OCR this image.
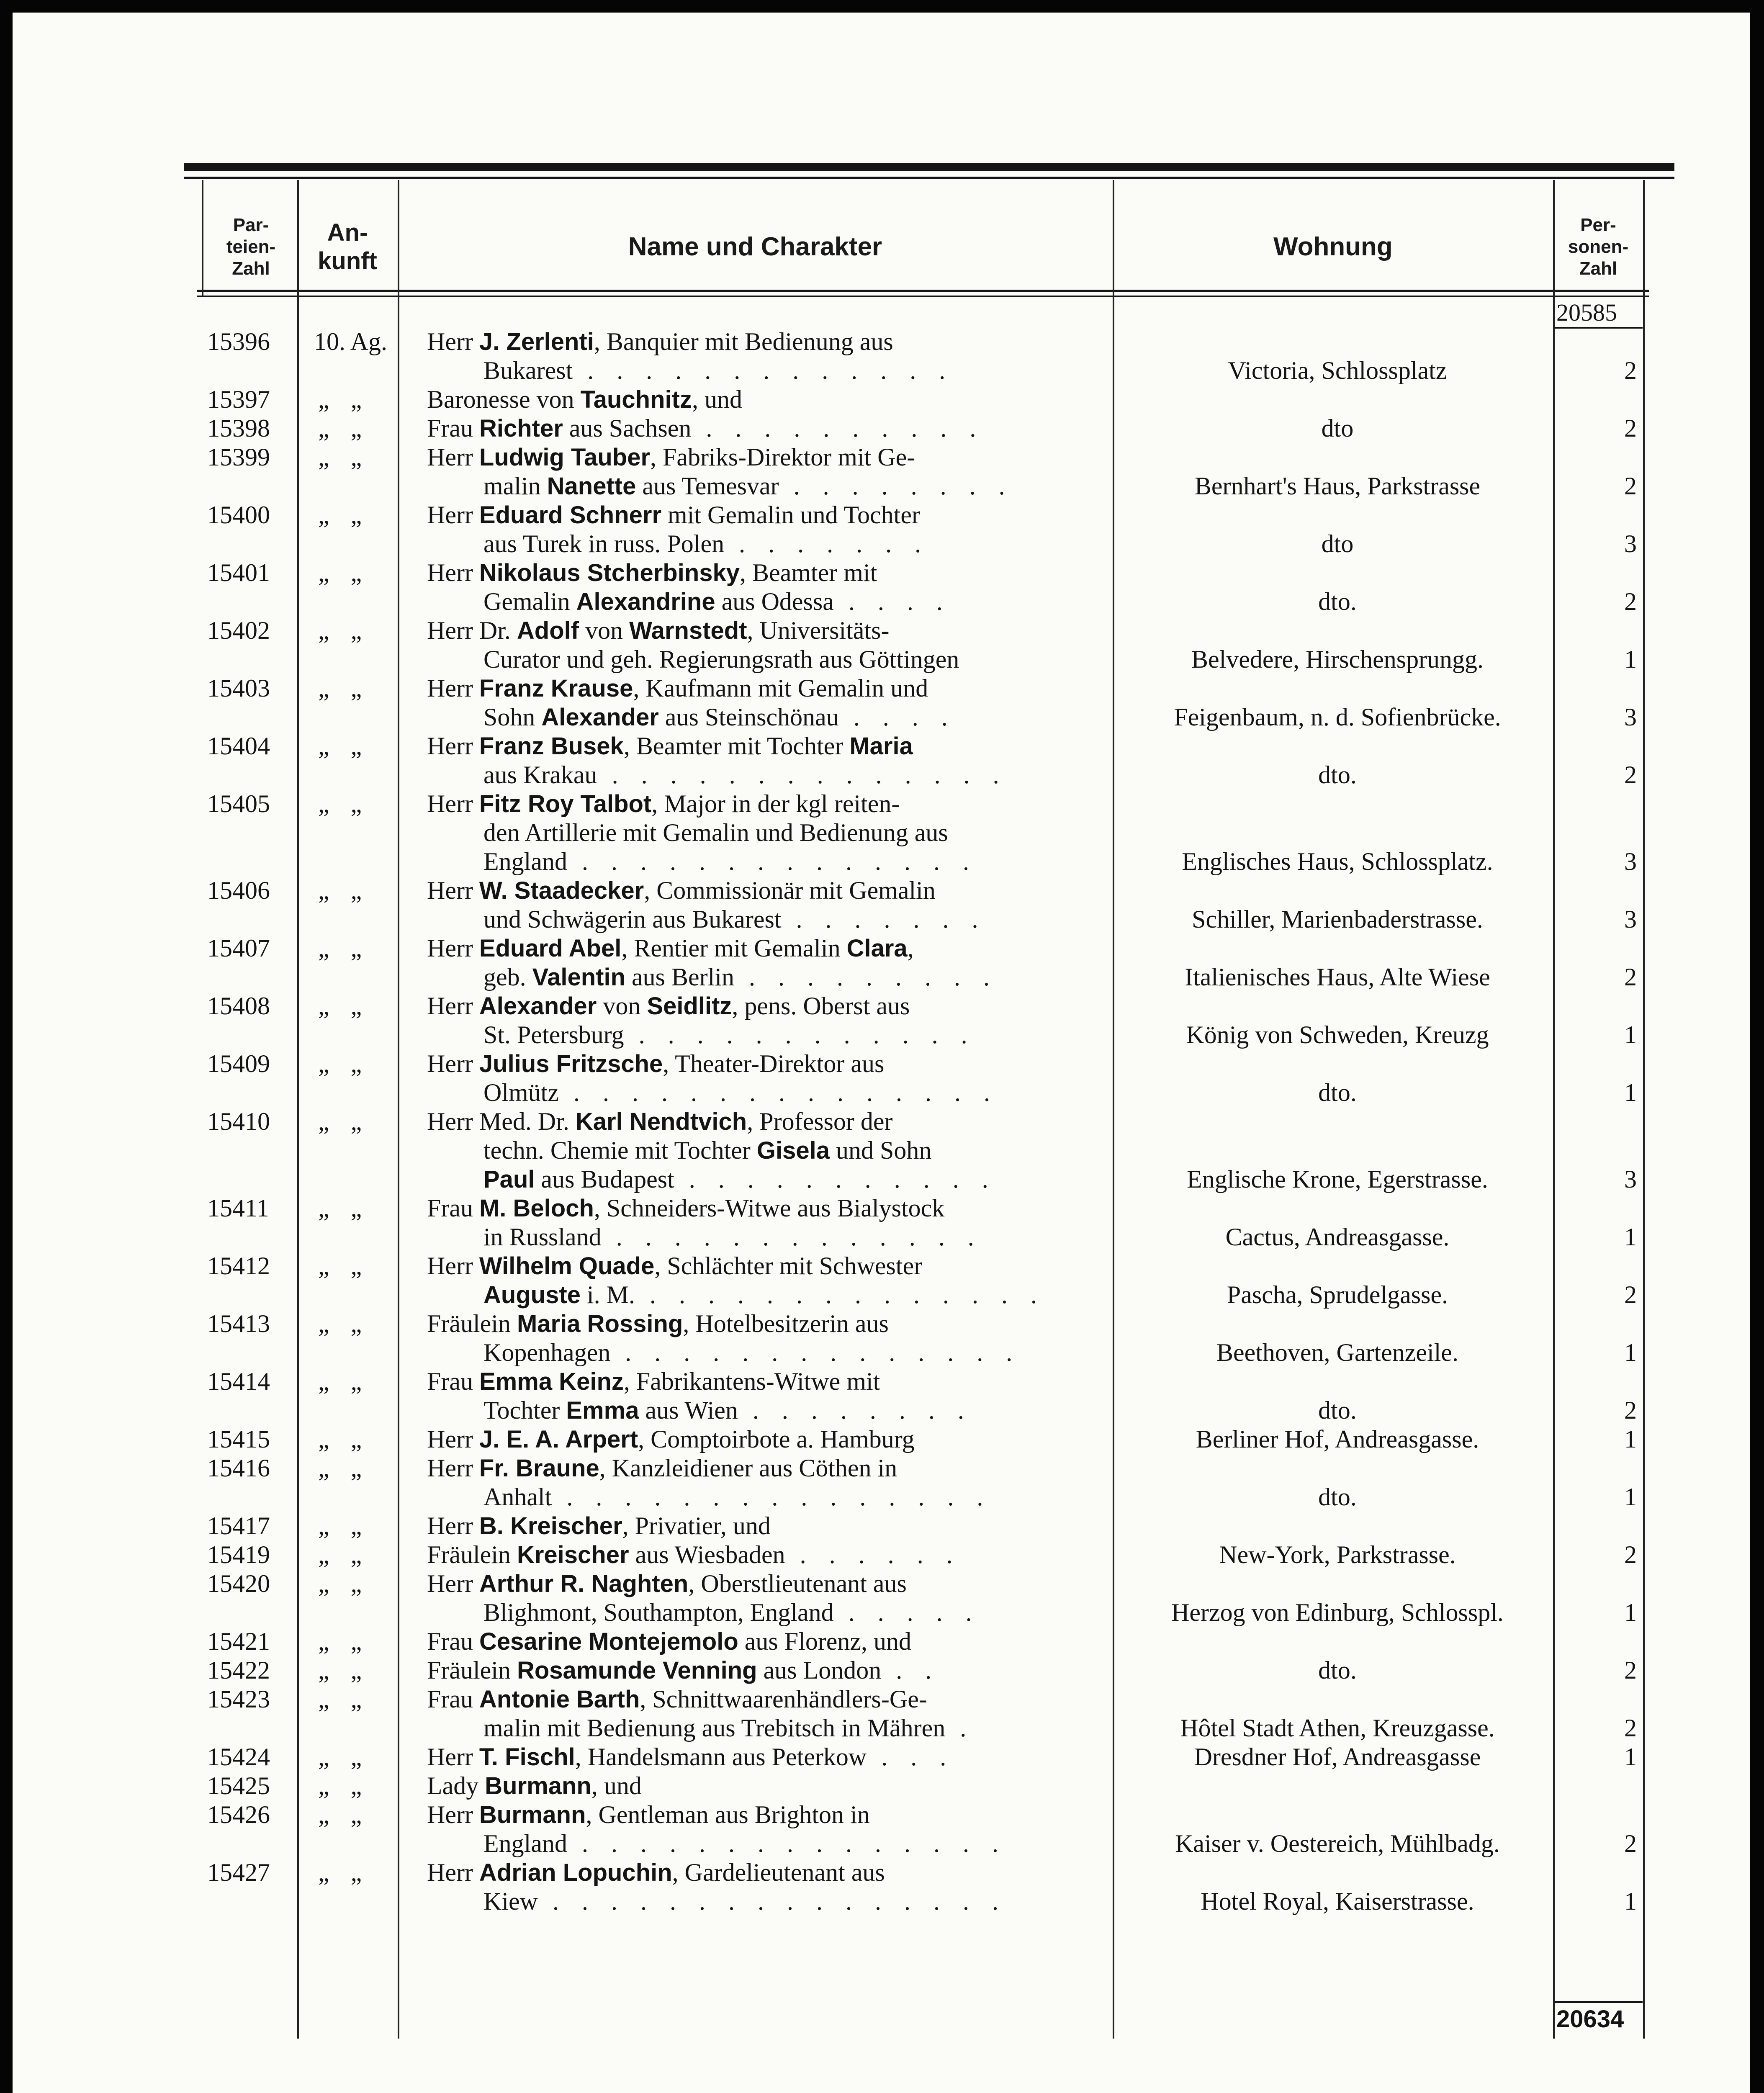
Par-
teien-
Zahl
An-
kunft	Name und Charakter	Wohnung
Per-
sonen-
Zahl
20585
20634
15396	10. Ag.	Herr J. Zerlenti, Banquier mit Bedienung aus
Bukarest . . . . . . . . . . . . .	Victoria, Schlossplatz	2
15397	„ „	Baronesse von Tauchnitz, und
15398	„ „	Frau Richter aus Sachsen . . . . . . . . . .	dto	2
15399	„ „	Herr Ludwig Tauber, Fabriks-Direktor mit Ge-
malin Nanette aus Temesvar . . . . . . . .	Bernhart's Haus, Parkstrasse	2
15400	„ „	Herr Eduard Schnerr mit Gemalin und Tochter
aus Turek in russ. Polen . . . . . . .	dto	3
15401	„ „	Herr Nikolaus Stcherbinsky, Beamter mit
Gemalin Alexandrine aus Odessa . . . .	dto.	2
15402	„ „	Herr Dr. Adolf von Warnstedt, Universitäts-
Curator und geh. Regierungsrath aus Göttingen	Belvedere, Hirschensprungg.	1
15403	„ „	Herr Franz Krause, Kaufmann mit Gemalin und
Sohn Alexander aus Steinschönau . . . .	Feigenbaum, n. d. Sofienbrücke.	3
15404	„ „	Herr Franz Busek, Beamter mit Tochter Maria
aus Krakau . . . . . . . . . . . . . .	dto.	2
15405	„ „	Herr Fitz Roy Talbot, Major in der kgl reiten-
den Artillerie mit Gemalin und Bedienung aus
England . . . . . . . . . . . . . .	Englisches Haus, Schlossplatz.	3
15406	„ „	Herr W. Staadecker, Commissionär mit Gemalin
und Schwägerin aus Bukarest . . . . . . .	Schiller, Marienbaderstrasse.	3
15407	„ „	Herr Eduard Abel, Rentier mit Gemalin Clara,
geb. Valentin aus Berlin . . . . . . . . .	Italienisches Haus, Alte Wiese	2
15408	„ „	Herr Alexander von Seidlitz, pens. Oberst aus
St. Petersburg . . . . . . . . . . . .	König von Schweden, Kreuzg	1
15409	„ „	Herr Julius Fritzsche, Theater-Direktor aus
Olmütz . . . . . . . . . . . . . . .	dto.	1
15410	„ „	Herr Med. Dr. Karl Nendtvich, Professor der
techn. Chemie mit Tochter Gisela und Sohn
Paul aus Budapest . . . . . . . . . . .	Englische Krone, Egerstrasse.	3
15411	„ „	Frau M. Beloch, Schneiders-Witwe aus Bialystock
in Russland . . . . . . . . . . . . .	Cactus, Andreasgasse.	1
15412	„ „	Herr Wilhelm Quade, Schlächter mit Schwester
Auguste i. M. . . . . . . . . . . . . . .	Pascha, Sprudelgasse.	2
15413	„ „	Fräulein Maria Rossing, Hotelbesitzerin aus
Kopenhagen . . . . . . . . . . . . . .	Beethoven, Gartenzeile.	1
15414	„ „	Frau Emma Keinz, Fabrikantens-Witwe mit
Tochter Emma aus Wien . . . . . . . .	dto.	2
15415	„ „	Herr J. E. A. Arpert, Comptoirbote a. Hamburg	Berliner Hof, Andreasgasse.	1
15416	„ „	Herr Fr. Braune, Kanzleidiener aus Cöthen in
Anhalt . . . . . . . . . . . . . . .	dto.	1
15417	„ „	Herr B. Kreischer, Privatier, und
15419	„ „	Fräulein Kreischer aus Wiesbaden . . . . . .	New-York, Parkstrasse.	2
15420	„ „	Herr Arthur R. Naghten, Oberstlieutenant aus
Blighmont, Southampton, England . . . . .	Herzog von Edinburg, Schlosspl.	1
15421	„ „	Frau Cesarine Montejemolo aus Florenz, und
15422	„ „	Fräulein Rosamunde Venning aus London . .	dto.	2
15423	„ „	Frau Antonie Barth, Schnittwaarenhändlers-Ge-
malin mit Bedienung aus Trebitsch in Mähren .	Hôtel Stadt Athen, Kreuzgasse.	2
15424	„ „	Herr T. Fischl, Handelsmann aus Peterkow . . .	Dresdner Hof, Andreasgasse	1
15425	„ „	Lady Burmann, und
15426	„ „	Herr Burmann, Gentleman aus Brighton in
England . . . . . . . . . . . . . . .	Kaiser v. Oestereich, Mühlbadg.	2
15427	„ „	Herr Adrian Lopuchin, Gardelieutenant aus
Kiew . . . . . . . . . . . . . . . .	Hotel Royal, Kaiserstrasse.	1
